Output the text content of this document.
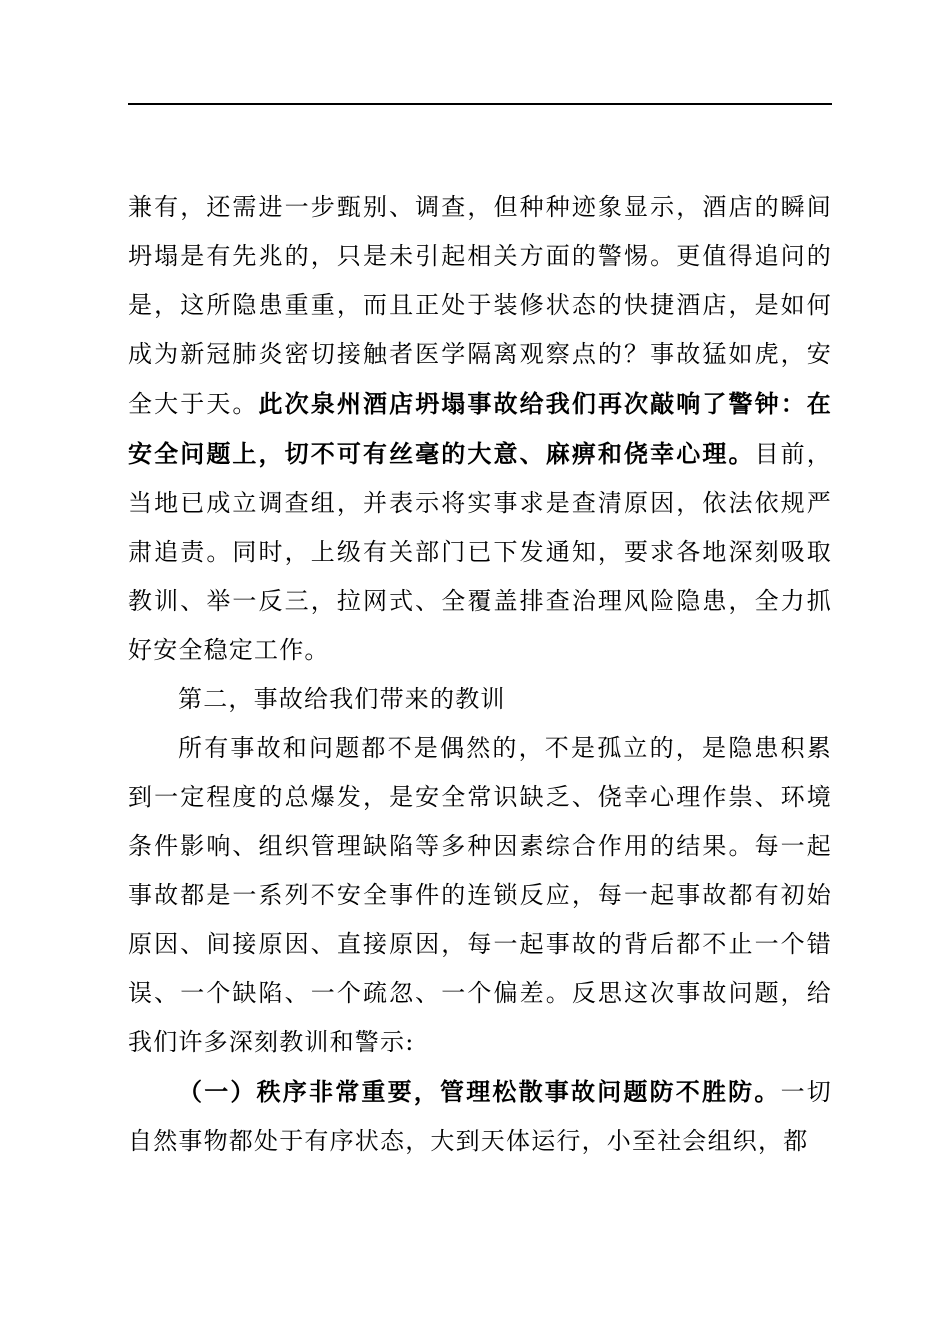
兼有，还需进一步甄别、调查，但种种迹象显示，酒店的瞬间坍塌是有先兆的，只是未引起相关方面的警惕。更值得追问的是，这所隐患重重，而且正处于装修状态的快捷酒店，是如何成为新冠肺炎密切接触者医学隔离观察点的？事故猛如虎，安全大于天。此次泉州酒店坍塌事故给我们再次敲响了警钟：在安全问题上，切不可有丝毫的大意、麻痹和侥幸心理。目前，当地已成立调查组，并表示将实事求是查清原因，依法依规严肃追责。同时，上级有关部门已下发通知，要求各地深刻吸取教训、举一反三，拉网式、全覆盖排查治理风险隐患，全力抓好安全稳定工作。

第二，事故给我们带来的教训

所有事故和问题都不是偶然的，不是孤立的，是隐患积累到一定程度的总爆发，是安全常识缺乏、侥幸心理作祟、环境条件影响、组织管理缺陷等多种因素综合作用的结果。每一起事故都是一系列不安全事件的连锁反应，每一起事故都有初始原因、间接原因、直接原因，每一起事故的背后都不止一个错误、一个缺陷、一个疏忽、一个偏差。反思这次事故问题，给我们许多深刻教训和警示:

（一）秩序非常重要，管理松散事故问题防不胜防。一切自然事物都处于有序状态，大到天体运行，小至社会组织，都
